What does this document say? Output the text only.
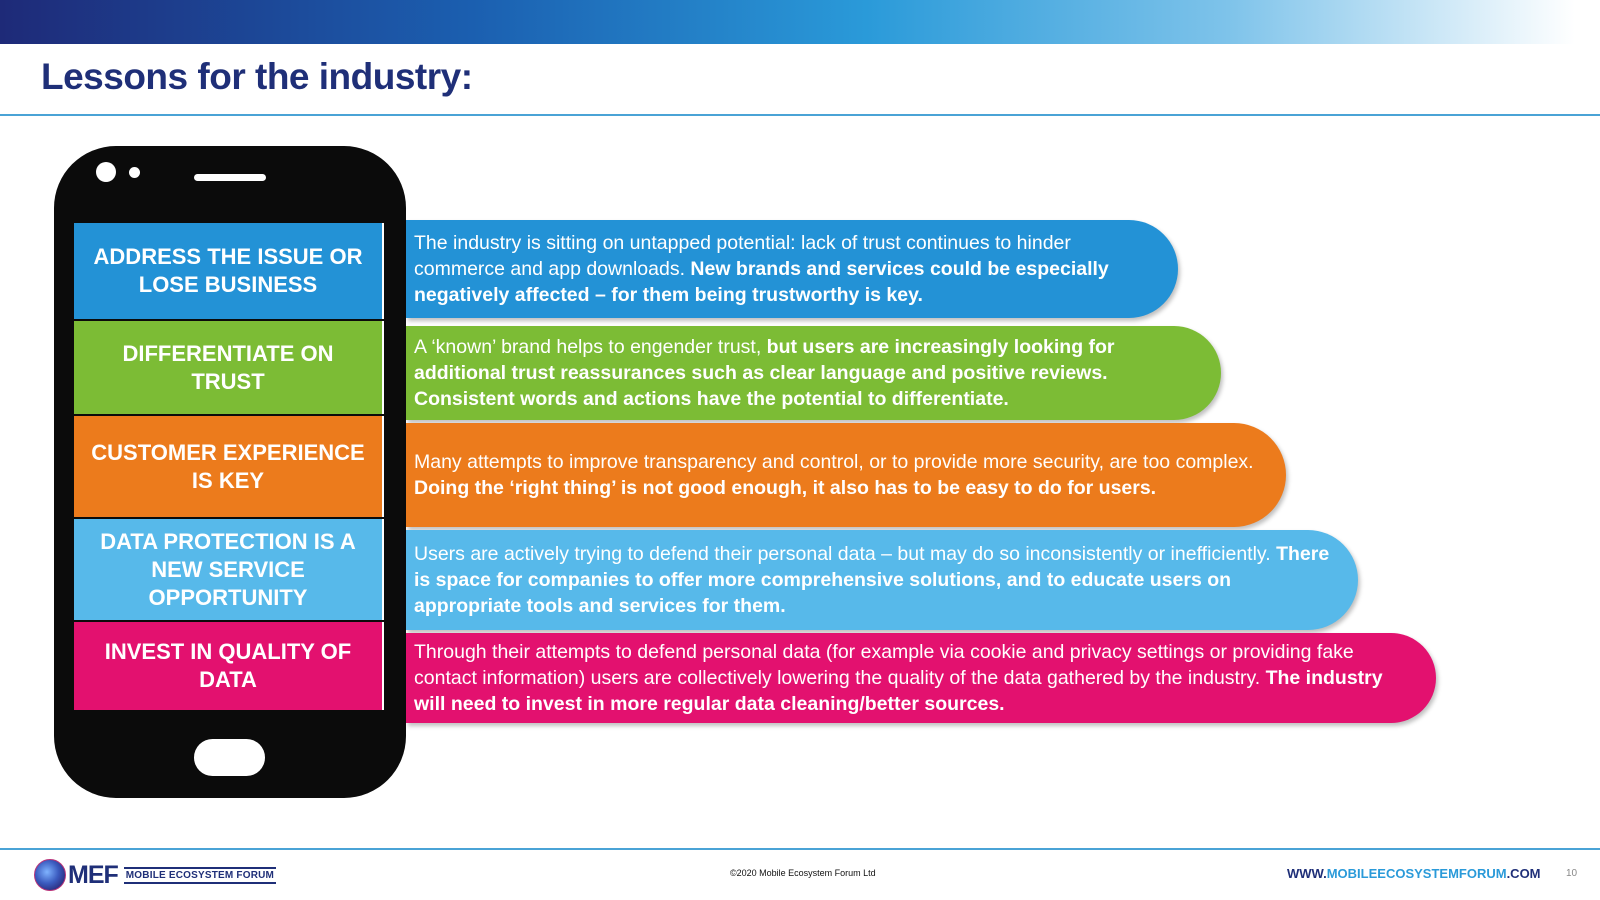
Lessons for the industry:
ADDRESS THE ISSUE OR LOSE BUSINESS
DIFFERENTIATE ON TRUST
CUSTOMER EXPERIENCE IS KEY
DATA PROTECTION IS A NEW SERVICE OPPORTUNITY
INVEST IN QUALITY OF DATA
The industry is sitting on untapped potential: lack of trust continues to hinder commerce and app downloads. New brands and services could be especially negatively affected – for them being trustworthy is key.
A ‘known’ brand helps to engender trust, but users are increasingly looking for additional trust reassurances such as clear language and positive reviews. Consistent words and actions have the potential to differentiate.
Many attempts to improve transparency and control, or to provide more security, are too complex. Doing the ‘right thing’ is not good enough, it also has to be easy to do for users.
Users are actively trying to defend their personal data – but may do so inconsistently or inefficiently. There is space for companies to offer more comprehensive solutions, and to educate users on appropriate tools and services for them.
Through their attempts to defend personal data (for example via cookie and privacy settings or providing fake contact information) users are collectively lowering the quality of the data gathered by the industry. The industry will need to invest in more regular data cleaning/better sources.
MEF MOBILE ECOSYSTEM FORUM	©2020 Mobile Ecosystem Forum Ltd	WWW.MOBILEECOSYSTEMFORUM.COM	10
